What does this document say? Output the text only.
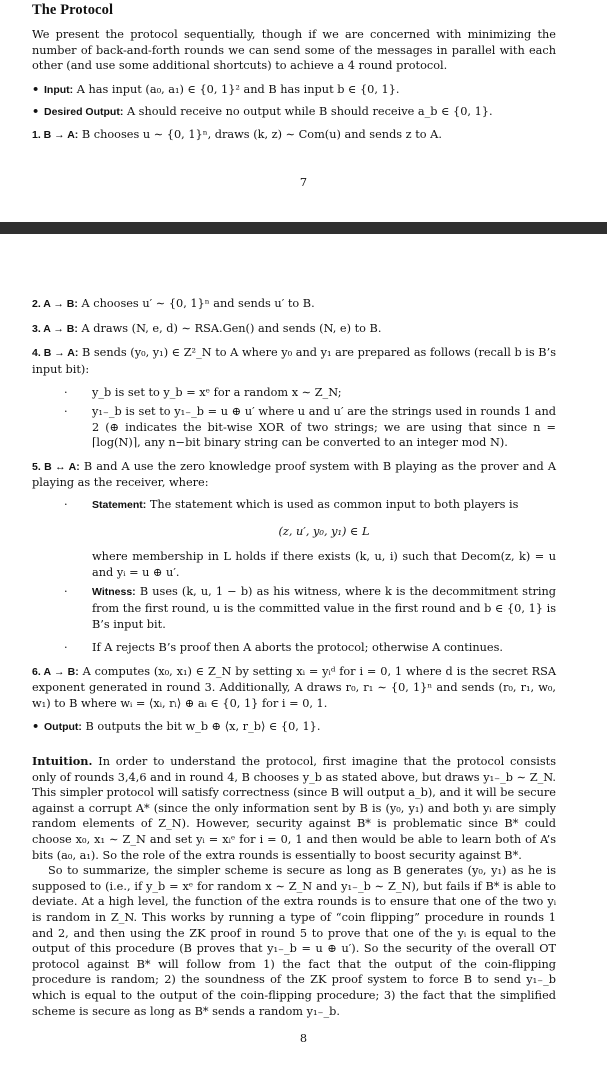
The Protocol

We present the protocol sequentially, though if we are concerned with minimizing the number of back-and-forth rounds we can send some of the messages in parallel with each other (and use some additional shortcuts) to achieve a 4 round protocol.

• Input: A has input (a₀, a₁) ∈ {0, 1}² and B has input b ∈ {0, 1}.
• Desired Output: A should receive no output while B should receive a_b ∈ {0, 1}.
1. B → A: B chooses u ∼ {0, 1}ⁿ, draws (k, z) ∼ Com(u) and sends z to A.
7
2. A → B: A chooses u′ ∼ {0, 1}ⁿ and sends u′ to B.
3. A → B: A draws (N, e, d) ∼ RSA.Gen() and sends (N, e) to B.
4. B → A: B sends (y₀, y₁) ∈ Z²_N to A where y₀ and y₁ are prepared as follows (recall b is B’s input bit):
· y_b is set to y_b = xᵉ for a random x ∼ Z_N;
· y₁₋_b is set to y₁₋_b = u ⊕ u′ where u and u′ are the strings used in rounds 1 and 2 (⊕ indicates the bit-wise XOR of two strings; we are using that since n = ⌈log(N)⌉, any n−bit binary string can be converted to an integer mod N).
5. B ↔ A: B and A use the zero knowledge proof system with B playing as the prover and A playing as the receiver, where:
· Statement: The statement which is used as common input to both players is
(z, u′, y₀, y₁) ∈ L
where membership in L holds if there exists (k, u, i) such that Decom(z, k) = u and yᵢ = u ⊕ u′.
· Witness: B uses (k, u, 1 − b) as his witness, where k is the decommitment string from the first round, u is the committed value in the first round and b ∈ {0, 1} is B’s input bit.
· If A rejects B’s proof then A aborts the protocol; otherwise A continues.
6. A → B: A computes (x₀, x₁) ∈ Z_N by setting xᵢ = yᵢᵈ for i = 0, 1 where d is the secret RSA exponent generated in round 3. Additionally, A draws r₀, r₁ ∼ {0, 1}ⁿ and sends (r₀, r₁, w₀, w₁) to B where wᵢ = ⟨xᵢ, rᵢ⟩ ⊕ aᵢ ∈ {0, 1} for i = 0, 1.
• Output: B outputs the bit w_b ⊕ ⟨x, r_b⟩ ∈ {0, 1}.

Intuition. In order to understand the protocol, first imagine that the protocol consists only of rounds 3,4,6 and in round 4, B chooses y_b as stated above, but draws y₁₋_b ∼ Z_N. This simpler protocol will satisfy correctness (since B will output a_b), and it will be secure against a corrupt A* (since the only information sent by B is (y₀, y₁) and both yᵢ are simply random elements of Z_N). However, security against B* is problematic since B* could choose x₀, x₁ ∼ Z_N and set yᵢ = xᵢᵉ for i = 0, 1 and then would be able to learn both of A’s bits (a₀, a₁). So the role of the extra rounds is essentially to boost security against B*.

So to summarize, the simpler scheme is secure as long as B generates (y₀, y₁) as he is supposed to (i.e., if y_b = xᵉ for random x ∼ Z_N and y₁₋_b ∼ Z_N), but fails if B* is able to deviate. At a high level, the function of the extra rounds is to ensure that one of the two yᵢ is random in Z_N. This works by running a type of “coin flipping” procedure in rounds 1 and 2, and then using the ZK proof in round 5 to prove that one of the yᵢ is equal to the output of this procedure (B proves that y₁₋_b = u ⊕ u′). So the security of the overall OT protocol against B* will follow from 1) the fact that the output of the coin-flipping procedure is random; 2) the soundness of the ZK proof system to force B to send y₁₋_b which is equal to the output of the coin-flipping procedure; 3) the fact that the simplified scheme is secure as long as B* sends a random y₁₋_b.

8
